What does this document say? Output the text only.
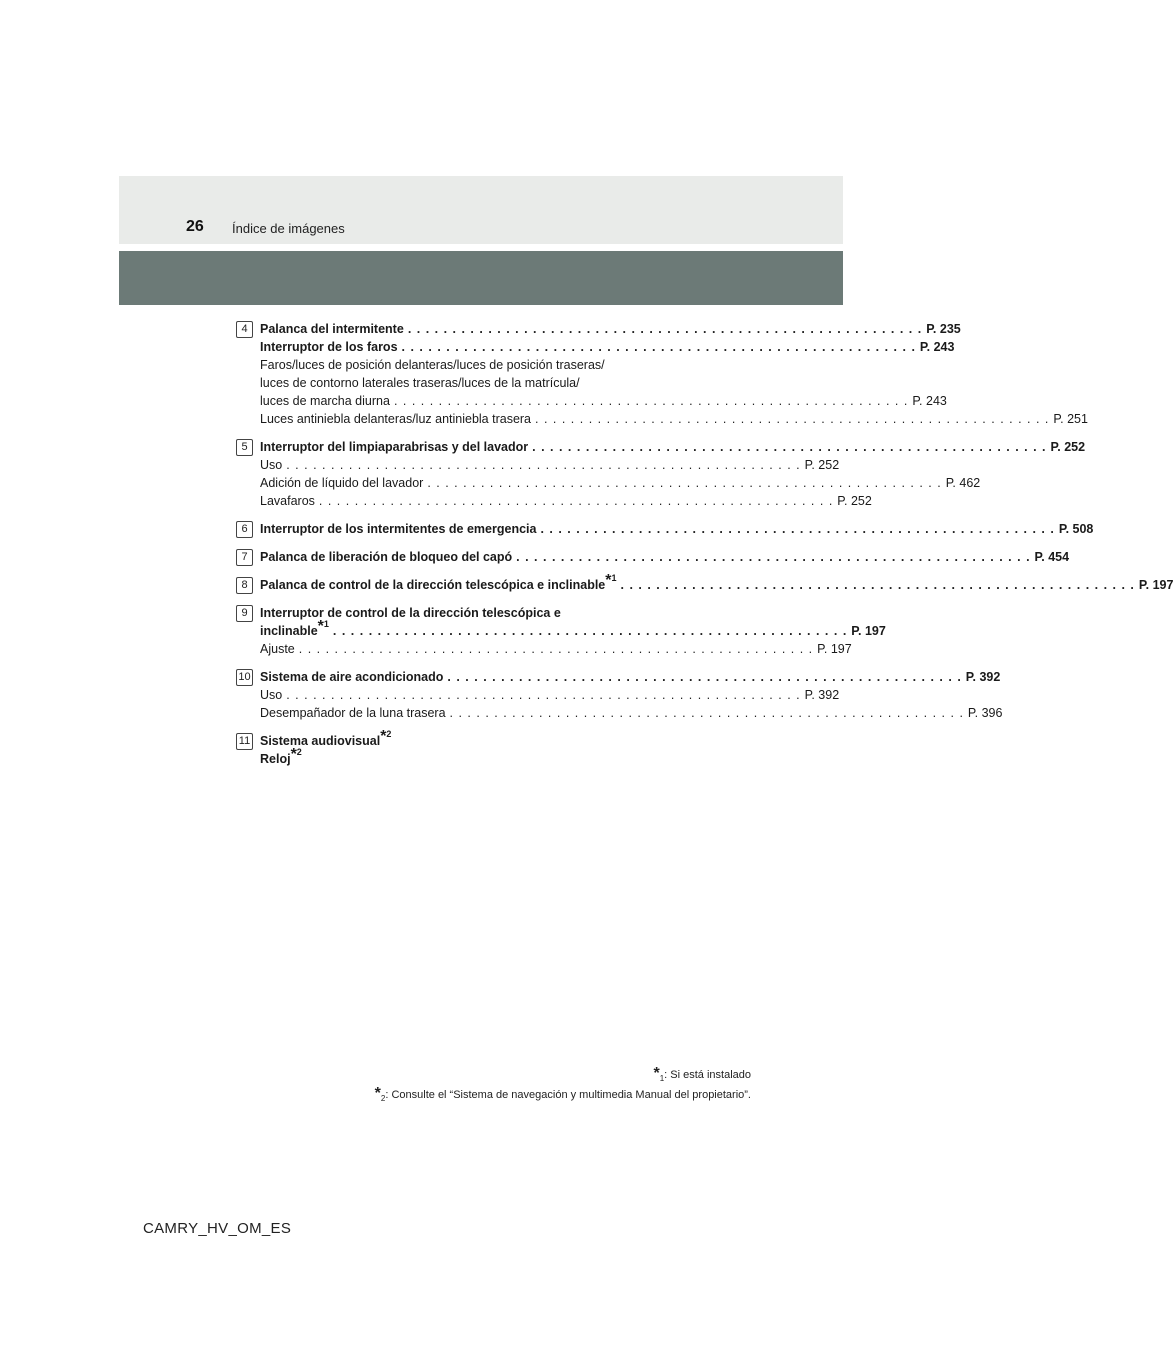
26 Índice de imágenes
4 Palanca del intermitente . . . . . . . . . . . . . . . . . . . . . . . . . . . . . . . . . . . . . . . . . . . . . . . . . . . . . . . . . . P. 235
Interruptor de los faros . . . . . . . . . . . . . . . . . . . . . . . . . . . . . . . . . . . . . . . . . . . . . . . . . . . . . . . . . . P. 243
Faros/luces de posición delanteras/luces de posición traseras/
luces de contorno laterales traseras/luces de la matrícula/
luces de marcha diurna . . . . . . . . . . . . . . . . . . . . . . . . . . . . . . . . . . . . . . . . . . . . . . . . . . . . . . . . . . P. 243
Luces antiniebla delanteras/luz antiniebla trasera . . . . . . . . . . . . . . . . . . . . . . . . . . . . . . . . . . . . . . . . . . . . . . . . . . . . . . . . . . P. 251
5 Interruptor del limpiaparabrisas y del lavador . . . . . . . . . . . . . . . . . . . . . . . . . . . . . . . . . . . . . . . . . . . . . . . . . . . . . . . . . . P. 252
Uso . . . . . . . . . . . . . . . . . . . . . . . . . . . . . . . . . . . . . . . . . . . . . . . . . . . . . . . . . . P. 252
Adición de líquido del lavador . . . . . . . . . . . . . . . . . . . . . . . . . . . . . . . . . . . . . . . . . . . . . . . . . . . . . . . . . . P. 462
Lavafaros . . . . . . . . . . . . . . . . . . . . . . . . . . . . . . . . . . . . . . . . . . . . . . . . . . . . . . . . . . P. 252
6 Interruptor de los intermitentes de emergencia . . . . . . . . . . . . . . . . . . . . . . . . . . . . . . . . . . . . . . . . . . . . . . . . . . . . . . . . . . P. 508
7 Palanca de liberación de bloqueo del capó . . . . . . . . . . . . . . . . . . . . . . . . . . . . . . . . . . . . . . . . . . . . . . . . . . . . . . . . . . P. 454
8 Palanca de control de la dirección telescópica e inclinable$^{*^1}$ . . . . . . . . . . . . . . . . . . . . . . . . . . . . . . . . . . . . . . . . . . . . . . . . . . . . . . . . . . P. 197
9 Interruptor de control de la dirección telescópica e
inclinable$^{*^1}$ . . . . . . . . . . . . . . . . . . . . . . . . . . . . . . . . . . . . . . . . . . . . . . . . . . . . . . . . . . P. 197
Ajuste . . . . . . . . . . . . . . . . . . . . . . . . . . . . . . . . . . . . . . . . . . . . . . . . . . . . . . . . . . P. 197
10 Sistema de aire acondicionado . . . . . . . . . . . . . . . . . . . . . . . . . . . . . . . . . . . . . . . . . . . . . . . . . . . . . . . . . . P. 392
Uso . . . . . . . . . . . . . . . . . . . . . . . . . . . . . . . . . . . . . . . . . . . . . . . . . . . . . . . . . . P. 392
Desempañador de la luna trasera . . . . . . . . . . . . . . . . . . . . . . . . . . . . . . . . . . . . . . . . . . . . . . . . . . . . . . . . . . P. 396
11 Sistema audiovisual$^{*^2}$
Reloj$^{*^2}$
$*_1$: Si está instalado
$*_2$: Consulte el “Sistema de navegación y multimedia Manual del propietario”.
CAMRY_HV_OM_ES
